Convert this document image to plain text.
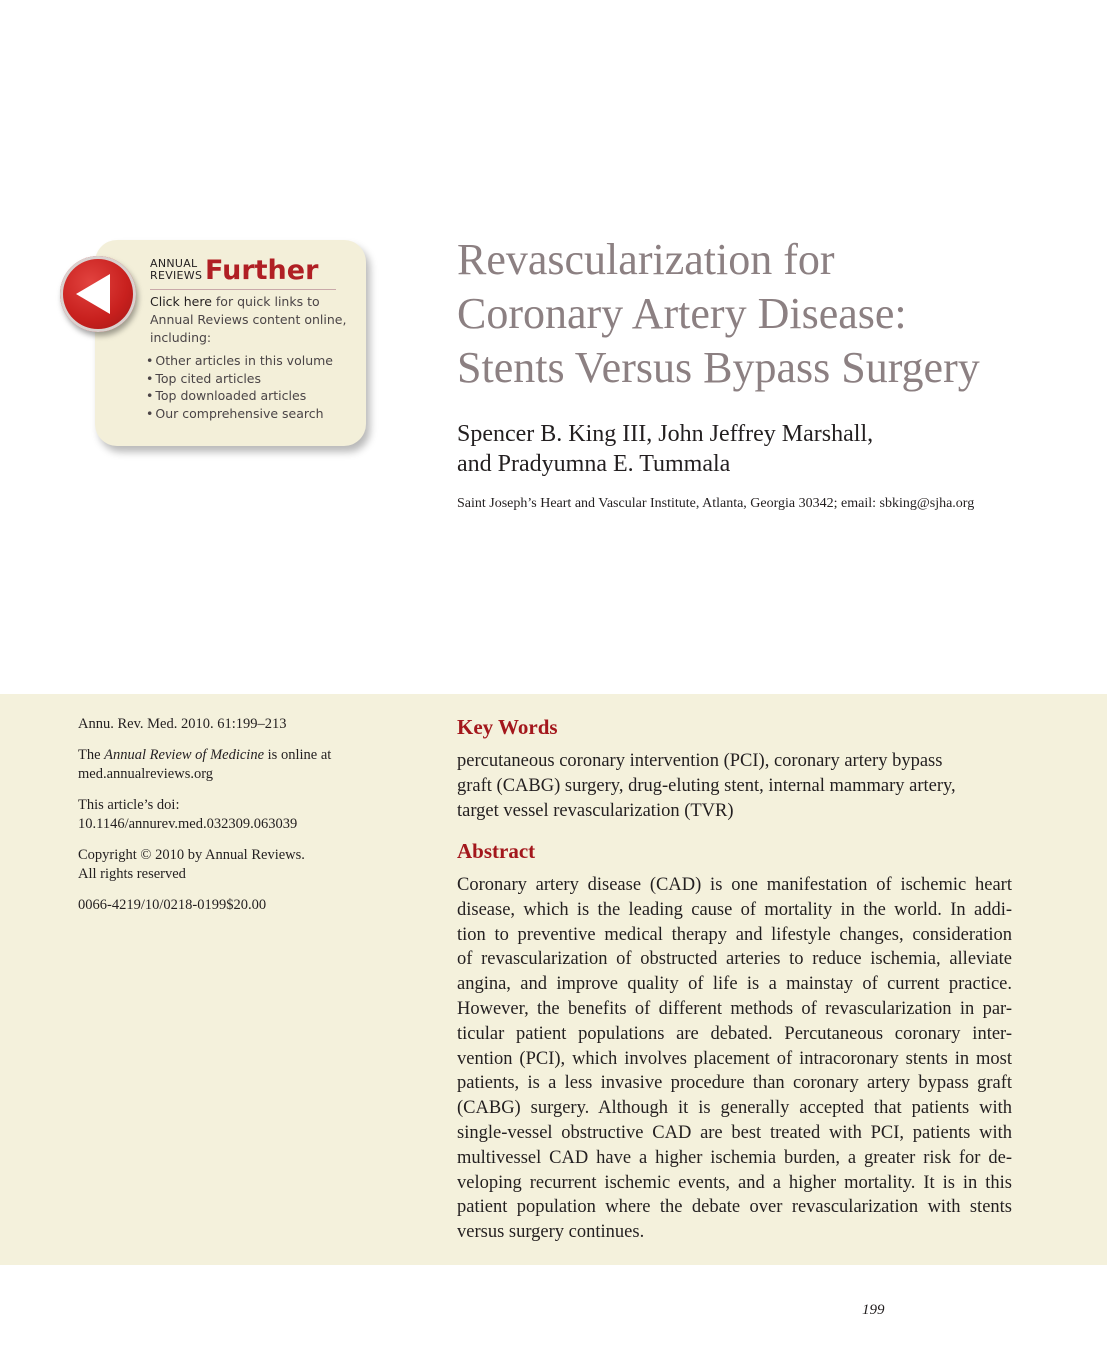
ANNUAL
REVIEWS Further
Click here for quick links to Annual Reviews content online, including:
• Other articles in this volume
• Top cited articles
• Top downloaded articles
• Our comprehensive search
Revascularization for
Coronary Artery Disease:
Stents Versus Bypass Surgery
Spencer B. King III, John Jeffrey Marshall,
and Pradyumna E. Tummala
Saint Joseph’s Heart and Vascular Institute, Atlanta, Georgia 30342; email: sbking@sjha.org

Annu. Rev. Med. 2010. 61:199–213

The Annual Review of Medicine is online at
med.annualreviews.org

This article’s doi:
10.1146/annurev.med.032309.063039

Copyright © 2010 by Annual Reviews.
All rights reserved

0066-4219/10/0218-0199$20.00

Key Words
percutaneous coronary intervention (PCI), coronary artery bypass
graft (CABG) surgery, drug-eluting stent, internal mammary artery,
target vessel revascularization (TVR)
Abstract
Coronary artery disease (CAD) is one manifestation of ischemic heart
disease, which is the leading cause of mortality in the world. In addi-
tion to preventive medical therapy and lifestyle changes, consideration
of revascularization of obstructed arteries to reduce ischemia, alleviate
angina, and improve quality of life is a mainstay of current practice.
However, the benefits of different methods of revascularization in par-
ticular patient populations are debated. Percutaneous coronary inter-
vention (PCI), which involves placement of intracoronary stents in most
patients, is a less invasive procedure than coronary artery bypass graft
(CABG) surgery. Although it is generally accepted that patients with
single-vessel obstructive CAD are best treated with PCI, patients with
multivessel CAD have a higher ischemia burden, a greater risk for de-
veloping recurrent ischemic events, and a higher mortality. It is in this
patient population where the debate over revascularization with stents
versus surgery continues.
199
